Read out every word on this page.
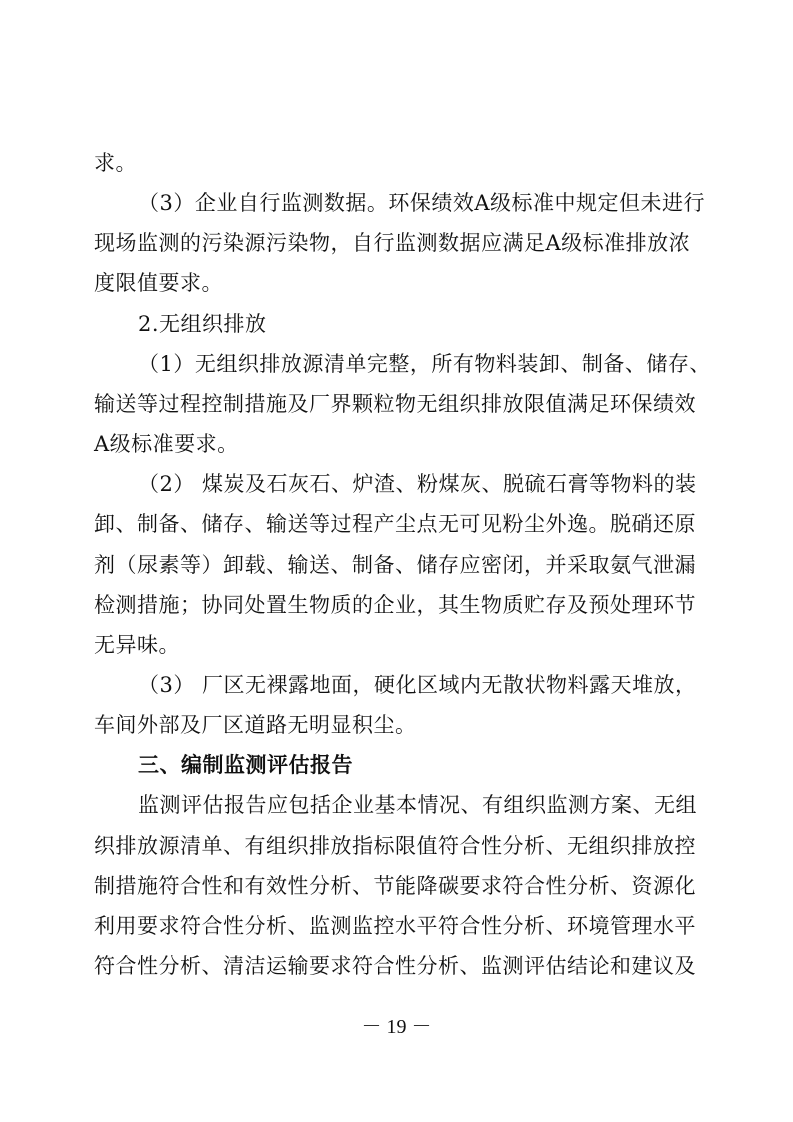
求。
（3）企业自行监测数据。环保绩效A级标准中规定但未进行
现场监测的污染源污染物，自行监测数据应满足A级标准排放浓
度限值要求。
2.无组织排放
（1）无组织排放源清单完整，所有物料装卸、制备、储存、
输送等过程控制措施及厂界颗粒物无组织排放限值满足环保绩效
A级标准要求。
（2） 煤炭及石灰石、炉渣、粉煤灰、脱硫石膏等物料的装
卸、制备、储存、输送等过程产尘点无可见粉尘外逸。脱硝还原
剂（尿素等）卸载、输送、制备、储存应密闭，并采取氨气泄漏
检测措施；协同处置生物质的企业，其生物质贮存及预处理环节
无异味。
（3） 厂区无裸露地面，硬化区域内无散状物料露天堆放，
车间外部及厂区道路无明显积尘。
三、编制监测评估报告
监测评估报告应包括企业基本情况、有组织监测方案、无组
织排放源清单、有组织排放指标限值符合性分析、无组织排放控
制措施符合性和有效性分析、节能降碳要求符合性分析、资源化
利用要求符合性分析、监测监控水平符合性分析、环境管理水平
符合性分析、清洁运输要求符合性分析、监测评估结论和建议及
－ 19 －
